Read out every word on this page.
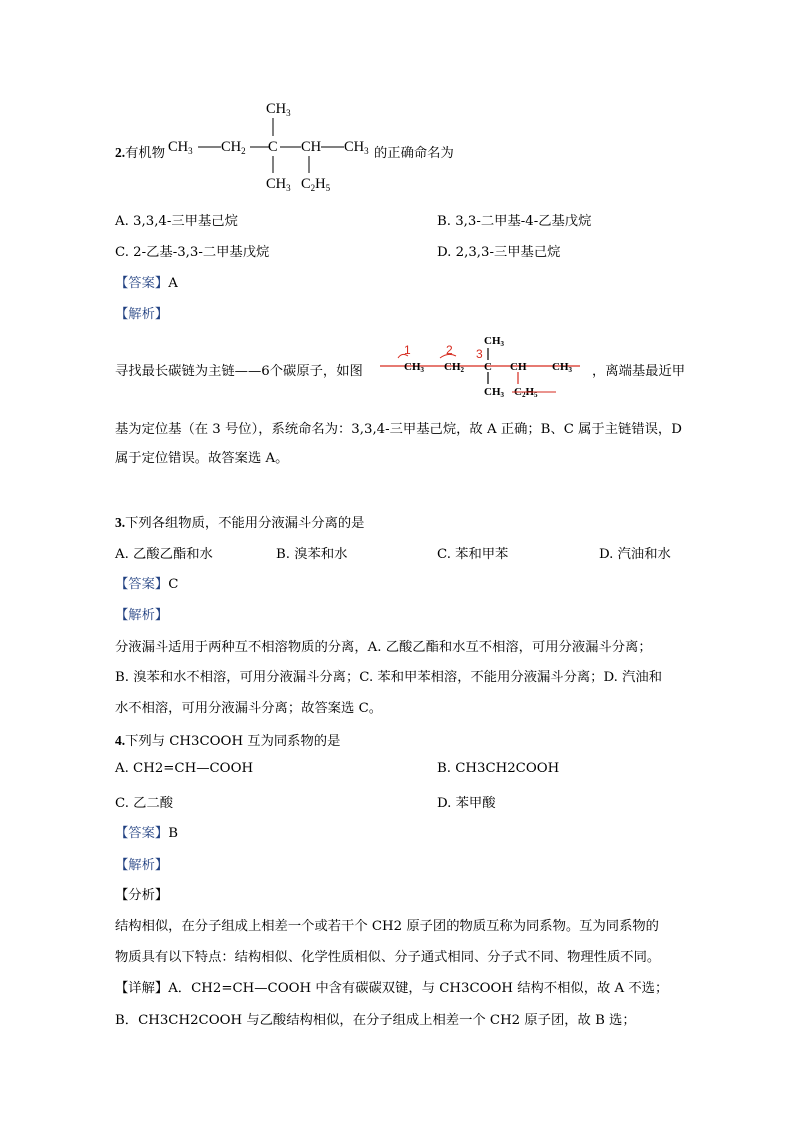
$CH_3$
$CH_3$ $CH_2$ C CH $CH_3$
$CH_3$ $C_2H_5$
2.有机物	的正确命名为
A. 3,3,4-三甲基己烷	B. 3,3-二甲基-4-乙基戊烷
C. 2-乙基-3,3-二甲基戊烷	D. 2,3,3-三甲基己烷
【答案】A
【解析】
寻找最长碳链为主链——6个碳原子，如图	CH3 CH2 C CH CH3
CH3
CH3 C2H5
1	2 3
，离端基最近甲
基为定位基（在 3 号位），系统命名为：3,3,4-三甲基己烷，故 A 正确；B、C 属于主链错误，D
属于定位错误。故答案选 A。
3.下列各组物质，不能用分液漏斗分离的是
A. 乙酸乙酯和水	B. 溴苯和水	C. 苯和甲苯	D. 汽油和水
【答案】C
【解析】
分液漏斗适用于两种互不相溶物质的分离，A. 乙酸乙酯和水互不相溶，可用分液漏斗分离；
B. 溴苯和水不相溶，可用分液漏斗分离；C. 苯和甲苯相溶，不能用分液漏斗分离；D. 汽油和
水不相溶，可用分液漏斗分离；故答案选 C。
4.下列与 CH3COOH 互为同系物的是
A. CH2=CH—COOH	B. CH3CH2COOH
C. 乙二酸	D. 苯甲酸
【答案】B
【解析】
【分析】
结构相似，在分子组成上相差一个或若干个 CH2 原子团的物质互称为同系物。互为同系物的
物质具有以下特点：结构相似、化学性质相似、分子通式相同、分子式不同、物理性质不同。
【详解】A．CH2=CH—COOH 中含有碳碳双键，与 CH3COOH 结构不相似，故 A 不选；
B．CH3CH2COOH 与乙酸结构相似，在分子组成上相差一个 CH2 原子团，故 B 选；
